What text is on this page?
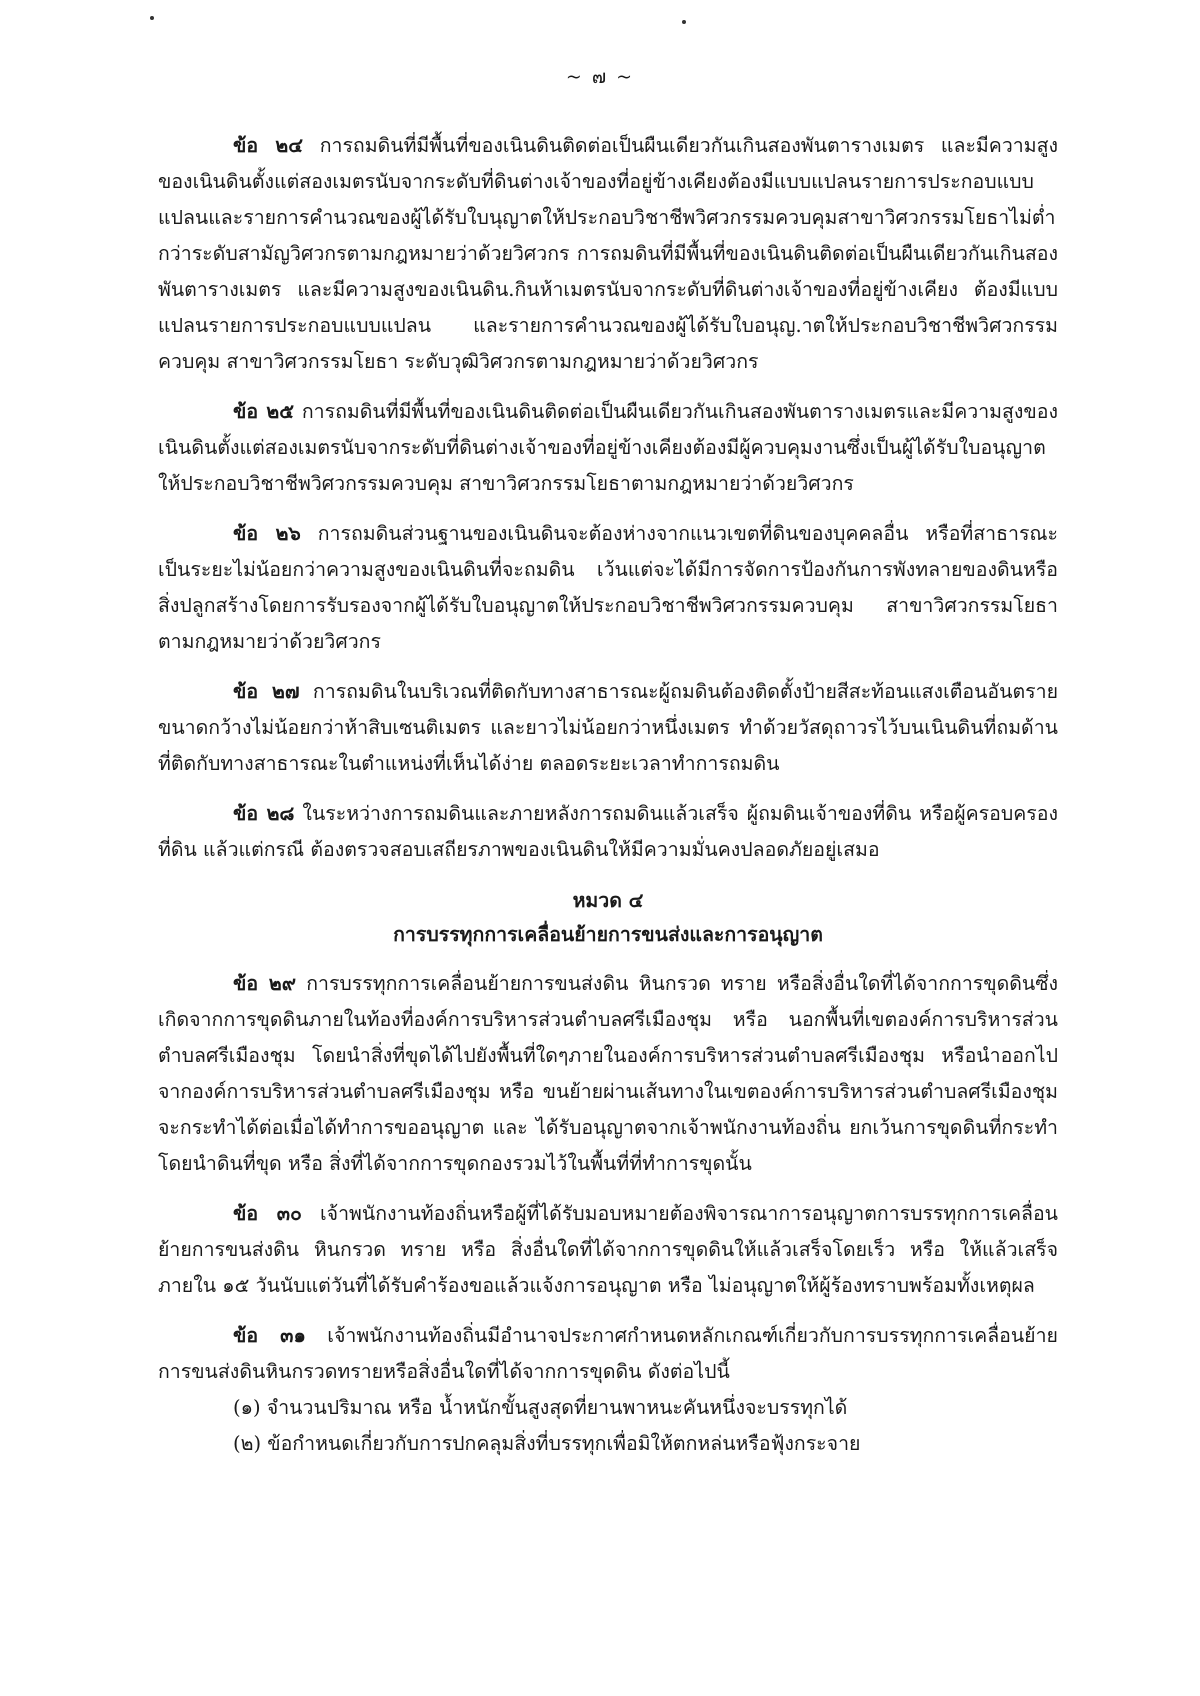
~ ๗ ~

ข้อ ๒๔ การถมดินที่มีพื้นที่ของเนินดินติดต่อเป็นผืนเดียวกันเกินสองพันตารางเมตร และมีความสูงของเนินดินตั้งแต่สองเมตรนับจากระดับที่ดินต่างเจ้าของที่อยู่ข้างเคียงต้องมีแบบแปลนรายการประกอบแบบแปลนและรายการคำนวณของผู้ได้รับใบนุญาตให้ประกอบวิชาชีพวิศวกรรมควบคุมสาขาวิศวกรรมโยธาไม่ต่ำกว่าระดับสามัญวิศวกรตามกฎหมายว่าด้วยวิศวกร การถมดินที่มีพื้นที่ของเนินดินติดต่อเป็นผืนเดียวกันเกินสองพันตารางเมตร และมีความสูงของเนินดิน.กินห้าเมตรนับจากระดับที่ดินต่างเจ้าของที่อยู่ข้างเคียง ต้องมีแบบแปลนรายการประกอบแบบแปลน และรายการคำนวณของผู้ได้รับใบอนุญ.าตให้ประกอบวิชาชีพวิศวกรรมควบคุม สาขาวิศวกรรมโยธา ระดับวุฒิวิศวกรตามกฎหมายว่าด้วยวิศวกร

ข้อ ๒๕ การถมดินที่มีพื้นที่ของเนินดินติดต่อเป็นผืนเดียวกันเกินสองพันตารางเมตรและมีความสูงของเนินดินตั้งแต่สองเมตรนับจากระดับที่ดินต่างเจ้าของที่อยู่ข้างเคียงต้องมีผู้ควบคุมงานซึ่งเป็นผู้ได้รับใบอนุญาตให้ประกอบวิชาชีพวิศวกรรมควบคุม สาขาวิศวกรรมโยธาตามกฎหมายว่าด้วยวิศวกร

ข้อ ๒๖ การถมดินส่วนฐานของเนินดินจะต้องห่างจากแนวเขตที่ดินของบุคคลอื่น หรือที่สาธารณะเป็นระยะไม่น้อยกว่าความสูงของเนินดินที่จะถมดิน เว้นแต่จะได้มีการจัดการป้องกันการพังทลายของดินหรือ สิ่งปลูกสร้างโดยการรับรองจากผู้ได้รับใบอนุญาตให้ประกอบวิชาชีพวิศวกรรมควบคุม สาขาวิศวกรรมโยธาตามกฎหมายว่าด้วยวิศวกร

ข้อ ๒๗ การถมดินในบริเวณที่ติดกับทางสาธารณะผู้ถมดินต้องติดตั้งป้ายสีสะท้อนแสงเตือนอันตรายขนาดกว้างไม่น้อยกว่าห้าสิบเซนติเมตร และยาวไม่น้อยกว่าหนึ่งเมตร ทำด้วยวัสดุถาวรไว้บนเนินดินที่ถมด้านที่ติดกับทางสาธารณะในตำแหน่งที่เห็นได้ง่าย ตลอดระยะเวลาทำการถมดิน

ข้อ ๒๘ ในระหว่างการถมดินและภายหลังการถมดินแล้วเสร็จ ผู้ถมดินเจ้าของที่ดิน หรือผู้ครอบครองที่ดิน แล้วแต่กรณี ต้องตรวจสอบเสถียรภาพของเนินดินให้มีความมั่นคงปลอดภัยอยู่เสมอ

หมวด ๔
การบรรทุกการเคลื่อนย้ายการขนส่งและการอนุญาต

ข้อ ๒๙ การบรรทุกการเคลื่อนย้ายการขนส่งดิน หินกรวด ทราย หรือสิ่งอื่นใดที่ได้จากการขุดดินซึ่งเกิดจากการขุดดินภายในท้องที่องค์การบริหารส่วนตำบลศรีเมืองชุม หรือ นอกพื้นที่เขตองค์การบริหารส่วนตำบลศรีเมืองชุม โดยนำสิ่งที่ขุดได้ไปยังพื้นที่ใดๆภายในองค์การบริหารส่วนตำบลศรีเมืองชุม หรือนำออกไปจากองค์การบริหารส่วนตำบลศรีเมืองชุม หรือ ขนย้ายผ่านเส้นทางในเขตองค์การบริหารส่วนตำบลศรีเมืองชุม จะกระทำได้ต่อเมื่อได้ทำการขออนุญาต และ ได้รับอนุญาตจากเจ้าพนักงานท้องถิ่น ยกเว้นการขุดดินที่กระทำโดยนำดินที่ขุด หรือ สิ่งที่ได้จากการขุดกองรวมไว้ในพื้นที่ที่ทำการขุดนั้น

ข้อ ๓๐ เจ้าพนักงานท้องถิ่นหรือผู้ที่ได้รับมอบหมายต้องพิจารณาการอนุญาตการบรรทุกการเคลื่อนย้ายการขนส่งดิน หินกรวด ทราย หรือ สิ่งอื่นใดที่ได้จากการขุดดินให้แล้วเสร็จโดยเร็ว หรือ ให้แล้วเสร็จภายใน ๑๕ วันนับแต่วันที่ได้รับคำร้องขอแล้วแจ้งการอนุญาต หรือ ไม่อนุญาตให้ผู้ร้องทราบพร้อมทั้งเหตุผล

ข้อ ๓๑ เจ้าพนักงานท้องถิ่นมีอำนาจประกาศกำหนดหลักเกณฑ์เกี่ยวกับการบรรทุกการเคลื่อนย้ายการขนส่งดินหินกรวดทรายหรือสิ่งอื่นใดที่ได้จากการขุดดิน ดังต่อไปนี้

(๑) จำนวนปริมาณ หรือ น้ำหนักขั้นสูงสุดที่ยานพาหนะคันหนึ่งจะบรรทุกได้
(๒) ข้อกำหนดเกี่ยวกับการปกคลุมสิ่งที่บรรทุกเพื่อมิให้ตกหล่นหรือฟุ้งกระจาย
